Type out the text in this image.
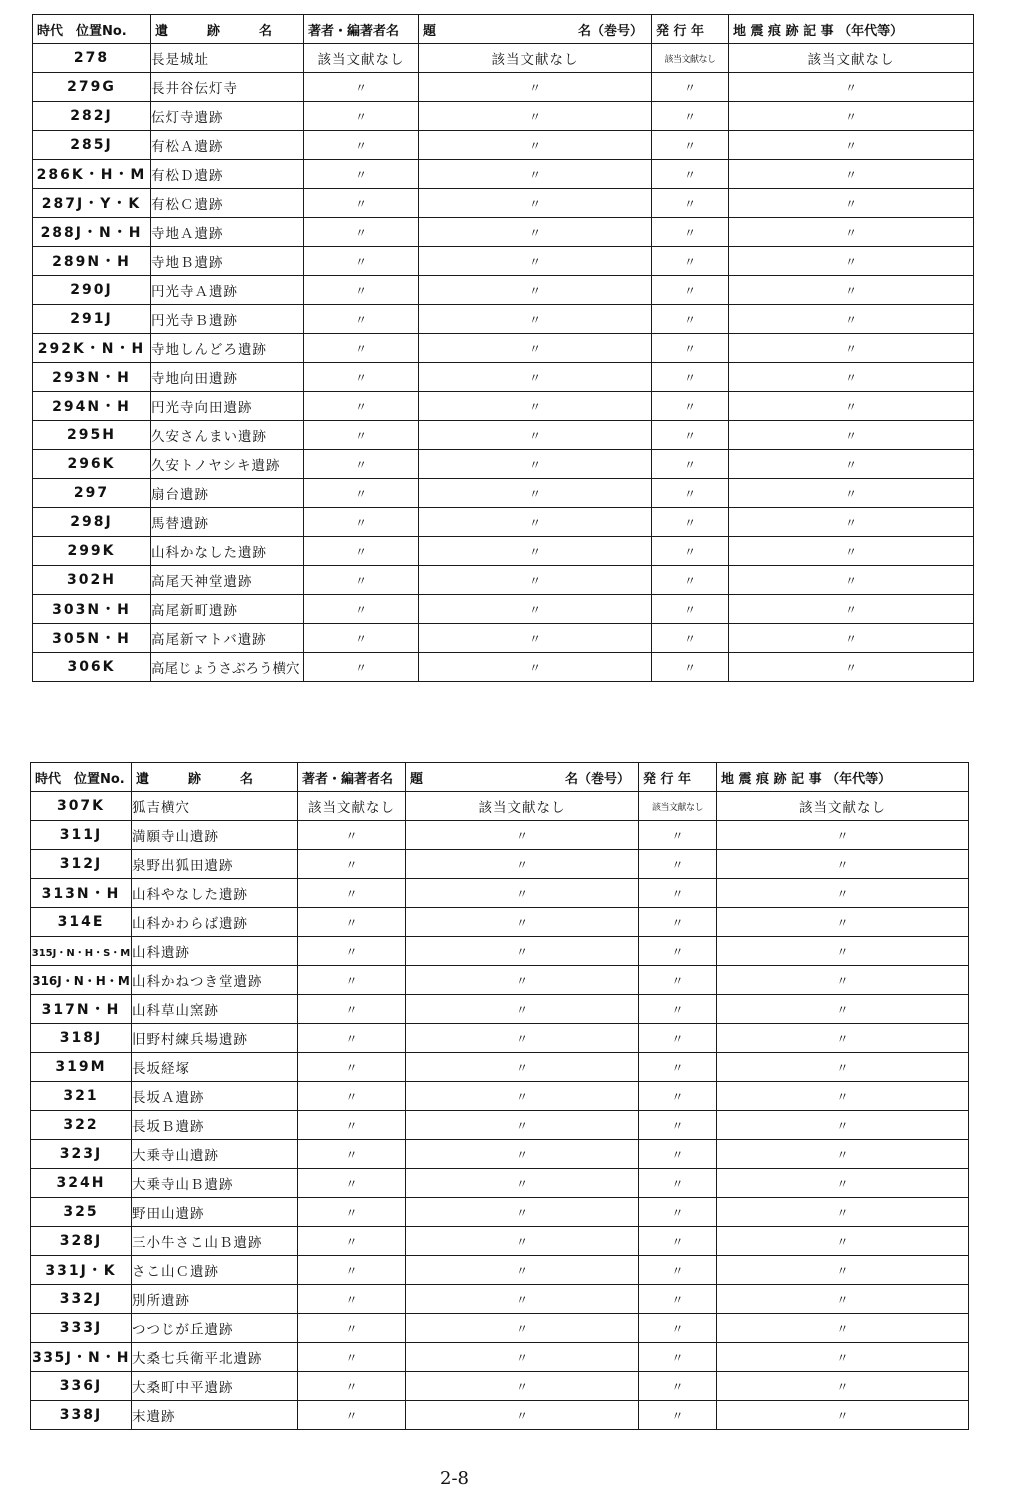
時代　位置No.	遺　　　跡　　　名	著者・編著者名	題 名（巻号）	発 行 年	地 震 痕 跡 記 事 （年代等）
278	長是城址	該当文献なし	該当文献なし	該当文献なし	該当文献なし
279G	長井谷伝灯寺	〃	〃	〃	〃
282J	伝灯寺遺跡	〃	〃	〃	〃
285J	有松Ａ遺跡	〃	〃	〃	〃
286K・H・M	有松Ｄ遺跡	〃	〃	〃	〃
287J・Y・K	有松Ｃ遺跡	〃	〃	〃	〃
288J・N・H	寺地Ａ遺跡	〃	〃	〃	〃
289N・H	寺地Ｂ遺跡	〃	〃	〃	〃
290J	円光寺Ａ遺跡	〃	〃	〃	〃
291J	円光寺Ｂ遺跡	〃	〃	〃	〃
292K・N・H	寺地しんどろ遺跡	〃	〃	〃	〃
293N・H	寺地向田遺跡	〃	〃	〃	〃
294N・H	円光寺向田遺跡	〃	〃	〃	〃
295H	久安さんまい遺跡	〃	〃	〃	〃
296K	久安トノヤシキ遺跡	〃	〃	〃	〃
297	扇台遺跡	〃	〃	〃	〃
298J	馬替遺跡	〃	〃	〃	〃
299K	山科かなした遺跡	〃	〃	〃	〃
302H	高尾天神堂遺跡	〃	〃	〃	〃
303N・H	高尾新町遺跡	〃	〃	〃	〃
305N・H	高尾新マトバ遺跡	〃	〃	〃	〃
306K	高尾じょうさぶろう横穴	〃	〃	〃	〃
時代　位置No.	遺　　　跡　　　名	著者・編著者名	題 名（巻号）	発 行 年	地 震 痕 跡 記 事 （年代等）
307K	狐吉横穴	該当文献なし	該当文献なし	該当文献なし	該当文献なし
311J	満願寺山遺跡	〃	〃	〃	〃
312J	泉野出狐田遺跡	〃	〃	〃	〃
313N・H	山科やなした遺跡	〃	〃	〃	〃
314E	山科かわらば遺跡	〃	〃	〃	〃
315J・N・H・S・M	山科遺跡	〃	〃	〃	〃
316J・N・H・M	山科かねつき堂遺跡	〃	〃	〃	〃
317N・H	山科草山窯跡	〃	〃	〃	〃
318J	旧野村練兵場遺跡	〃	〃	〃	〃
319M	長坂経塚	〃	〃	〃	〃
321	長坂Ａ遺跡	〃	〃	〃	〃
322	長坂Ｂ遺跡	〃	〃	〃	〃
323J	大乗寺山遺跡	〃	〃	〃	〃
324H	大乗寺山Ｂ遺跡	〃	〃	〃	〃
325	野田山遺跡	〃	〃	〃	〃
328J	三小牛さこ山Ｂ遺跡	〃	〃	〃	〃
331J・K	さこ山Ｃ遺跡	〃	〃	〃	〃
332J	別所遺跡	〃	〃	〃	〃
333J	つつじが丘遺跡	〃	〃	〃	〃
335J・N・H	大桑七兵衛平北遺跡	〃	〃	〃	〃
336J	大桑町中平遺跡	〃	〃	〃	〃
338J	末遺跡	〃	〃	〃	〃
2-8
